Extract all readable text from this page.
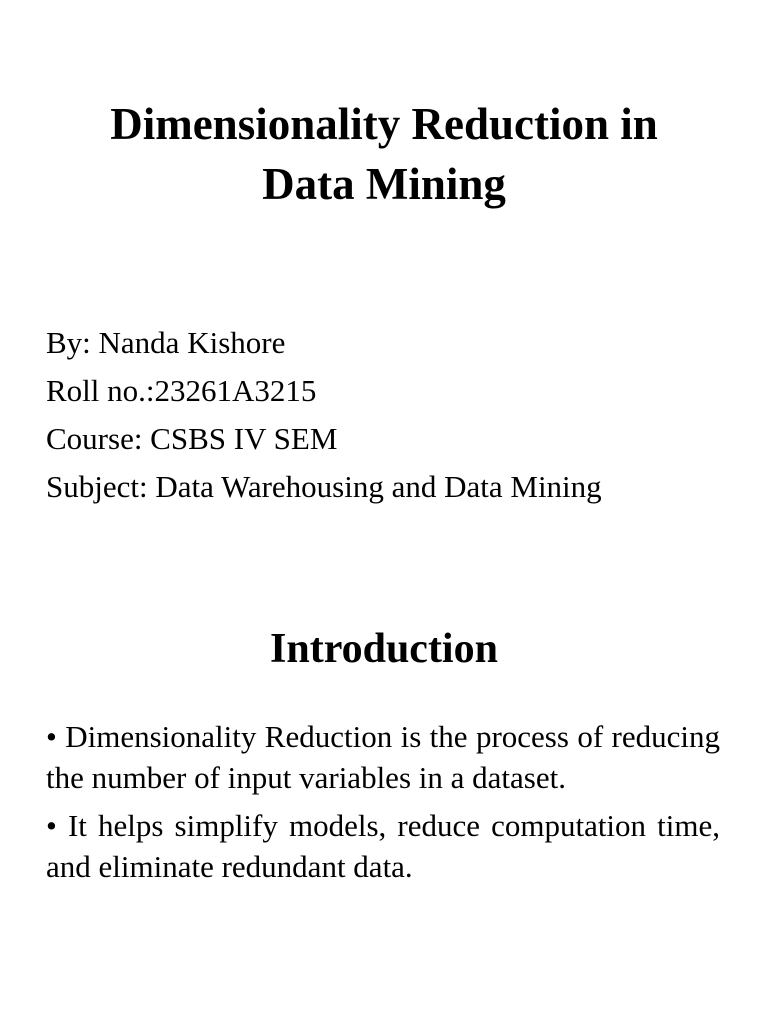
Dimensionality Reduction in
Data Mining
By: Nanda Kishore
Roll no.:23261A3215
Course: CSBS IV SEM
Subject: Data Warehousing and Data Mining
Introduction

• Dimensionality Reduction is the process of reducing the number of input variables in a dataset.

• It helps simplify models, reduce computation time, and eliminate redundant data.
